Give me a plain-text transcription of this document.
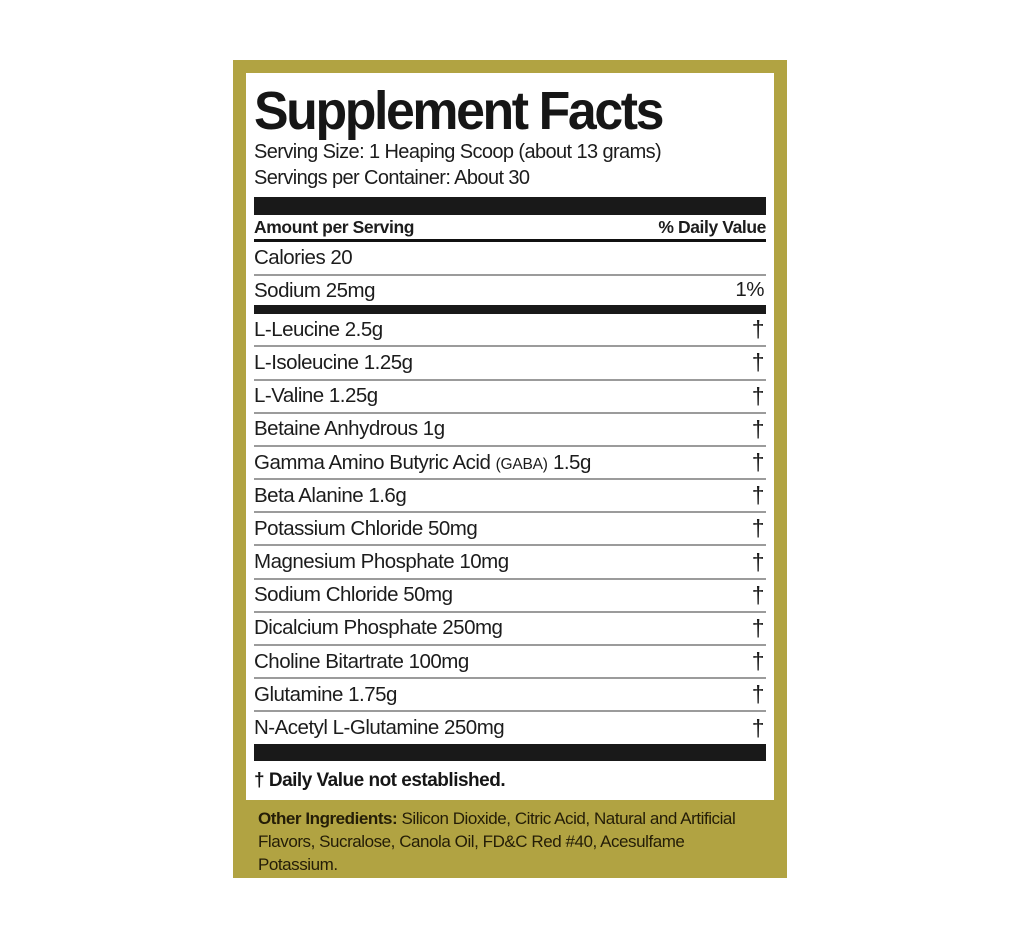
Supplement Facts
Serving Size: 1 Heaping Scoop (about 13 grams)
Servings per Container: About 30
Amount per Serving	% Daily Value
Calories 20
Sodium 25mg	1%
L-Leucine 2.5g	†
L-Isoleucine 1.25g	†
L-Valine 1.25g	†
Betaine Anhydrous 1g	†
Gamma Amino Butyric Acid (GABA) 1.5g	†
Beta Alanine 1.6g	†
Potassium Chloride 50mg	†
Magnesium Phosphate 10mg	†
Sodium Chloride 50mg	†
Dicalcium Phosphate 250mg	†
Choline Bitartrate 100mg	†
Glutamine 1.75g	†
N-Acetyl L-Glutamine 250mg	†
† Daily Value not established.
Other Ingredients: Silicon Dioxide, Citric Acid, Natural and Artificial Flavors, Sucralose, Canola Oil, FD&C Red #40, Acesulfame Potassium.
